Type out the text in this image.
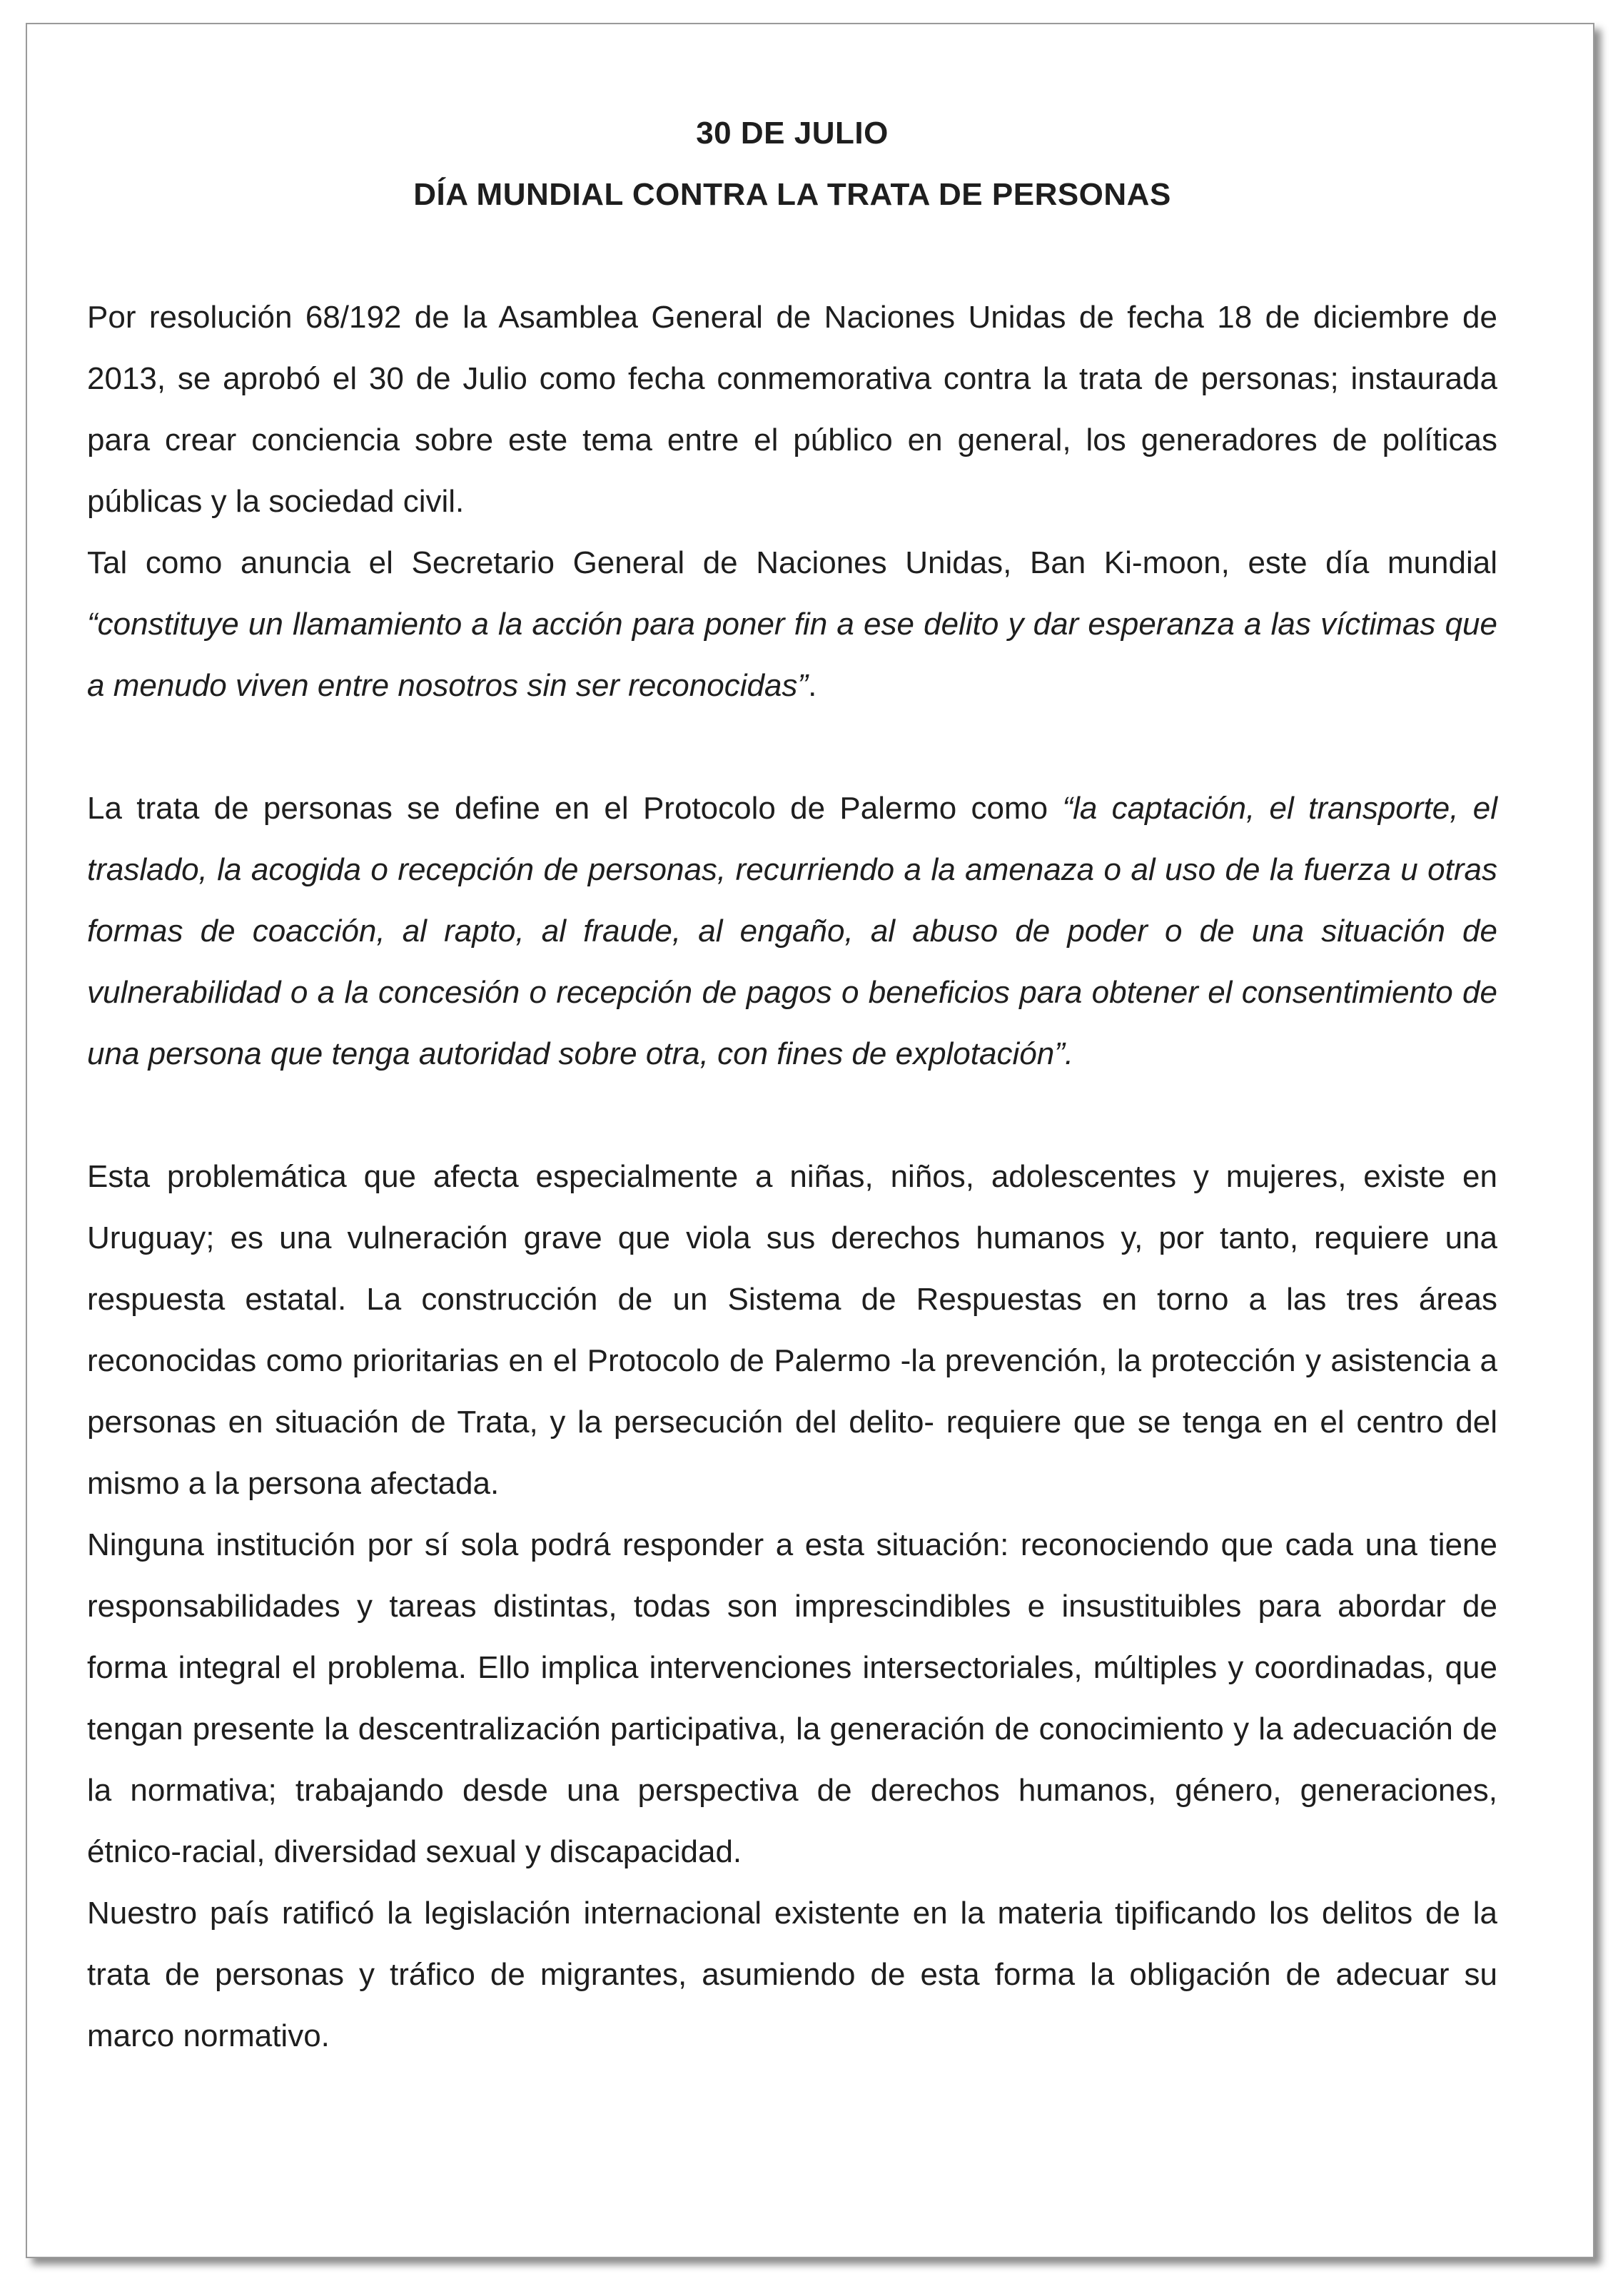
30 DE JULIO
DÍA MUNDIAL CONTRA LA TRATA DE PERSONAS

Por resolución 68/192 de la Asamblea General de Naciones Unidas de fecha 18 de diciembre de 2013, se aprobó el 30 de Julio como fecha conmemorativa contra la trata de personas; instaurada para crear conciencia sobre este tema entre el público en general, los generadores de políticas públicas y la sociedad civil.

Tal como anuncia el Secretario General de Naciones Unidas, Ban Ki-moon, este día mundial “constituye un llamamiento a la acción para poner fin a ese delito y dar esperanza a las víctimas que a menudo viven entre nosotros sin ser reconocidas”.

La trata de personas se define en el Protocolo de Palermo como “la captación, el transporte, el traslado, la acogida o recepción de personas, recurriendo a la amenaza o al uso de la fuerza u otras formas de coacción, al rapto, al fraude, al engaño, al abuso de poder o de una situación de vulnerabilidad o a la concesión o recepción de pagos o beneficios para obtener el consentimiento de una persona que tenga autoridad sobre otra, con fines de explotación”.

Esta problemática que afecta especialmente a niñas, niños, adolescentes y mujeres, existe en Uruguay; es una vulneración grave que viola sus derechos humanos y, por tanto, requiere una respuesta estatal. La construcción de un Sistema de Respuestas en torno a las tres áreas reconocidas como prioritarias en el Protocolo de Palermo -la prevención, la protección y asistencia a personas en situación de Trata, y la persecución del delito- requiere que se tenga en el centro del mismo a la persona afectada.

Ninguna institución por sí sola podrá responder a esta situación: reconociendo que cada una tiene responsabilidades y tareas distintas, todas son imprescindibles e insustituibles para abordar de forma integral el problema. Ello implica intervenciones intersectoriales, múltiples y coordinadas, que tengan presente la descentralización participativa, la generación de conocimiento y la adecuación de la normativa; trabajando desde una perspectiva de derechos humanos, género, generaciones, étnico-racial, diversidad sexual y discapacidad.

Nuestro país ratificó la legislación internacional existente en la materia tipificando los delitos de la trata de personas y tráfico de migrantes, asumiendo de esta forma la obligación de adecuar su marco normativo.
